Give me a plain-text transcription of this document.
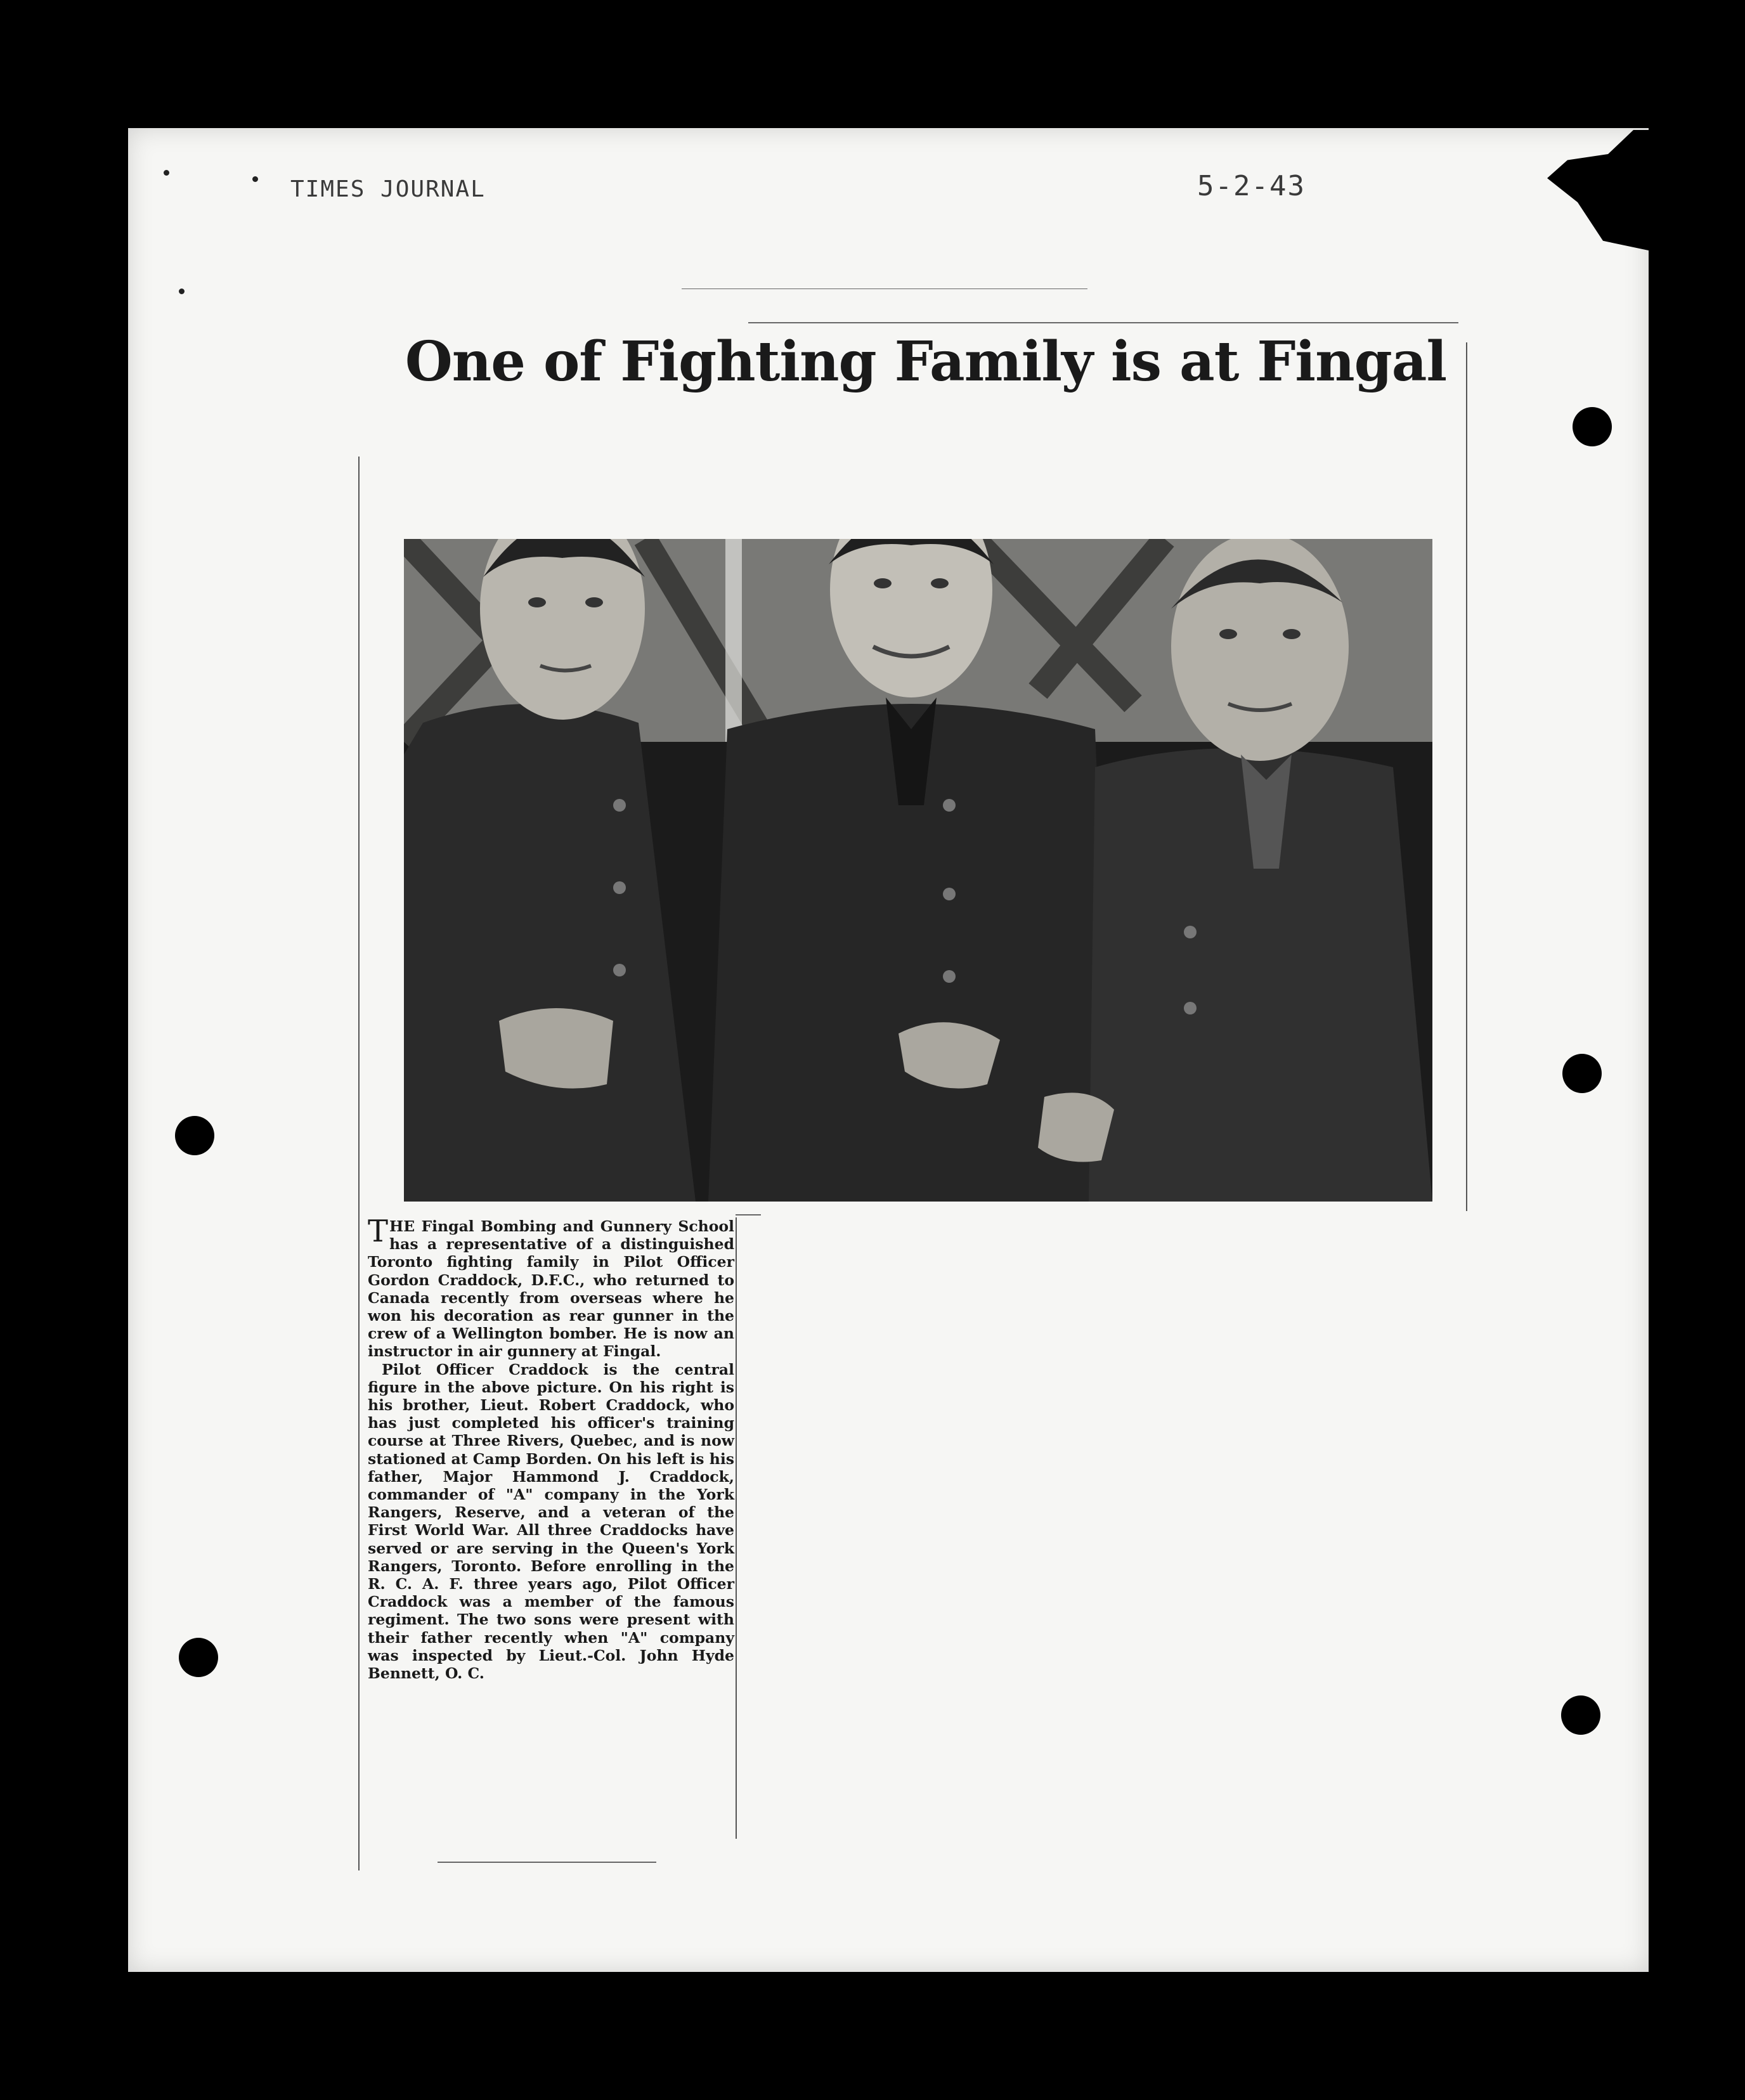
TIMES JOURNAL	5-2-43
One of Fighting Family is at Fingal

THE Fingal Bombing and Gunnery School has a representative of a distinguished Toronto fighting family in Pilot Officer Gordon Craddock, D.F.C., who returned to Canada recently from overseas where he won his decoration as rear gunner in the crew of a Wellington bomber. He is now an instructor in air gunnery at Fingal.

Pilot Officer Craddock is the central figure in the above picture. On his right is his brother, Lieut. Robert Craddock, who has just completed his officer's training course at Three Rivers, Quebec, and is now stationed at Camp Borden. On his left is his father, Major Hammond J. Craddock, commander of "A" company in the York Rangers, Reserve, and a veteran of the First World War. All three Craddocks have served or are serving in the Queen's York Rangers, Toronto. Before enrolling in the R. C. A. F. three years ago, Pilot Officer Craddock was a member of the famous regiment. The two sons were present with their father recently when "A" company was inspected by Lieut.-Col. John Hyde Bennett, O. C.
